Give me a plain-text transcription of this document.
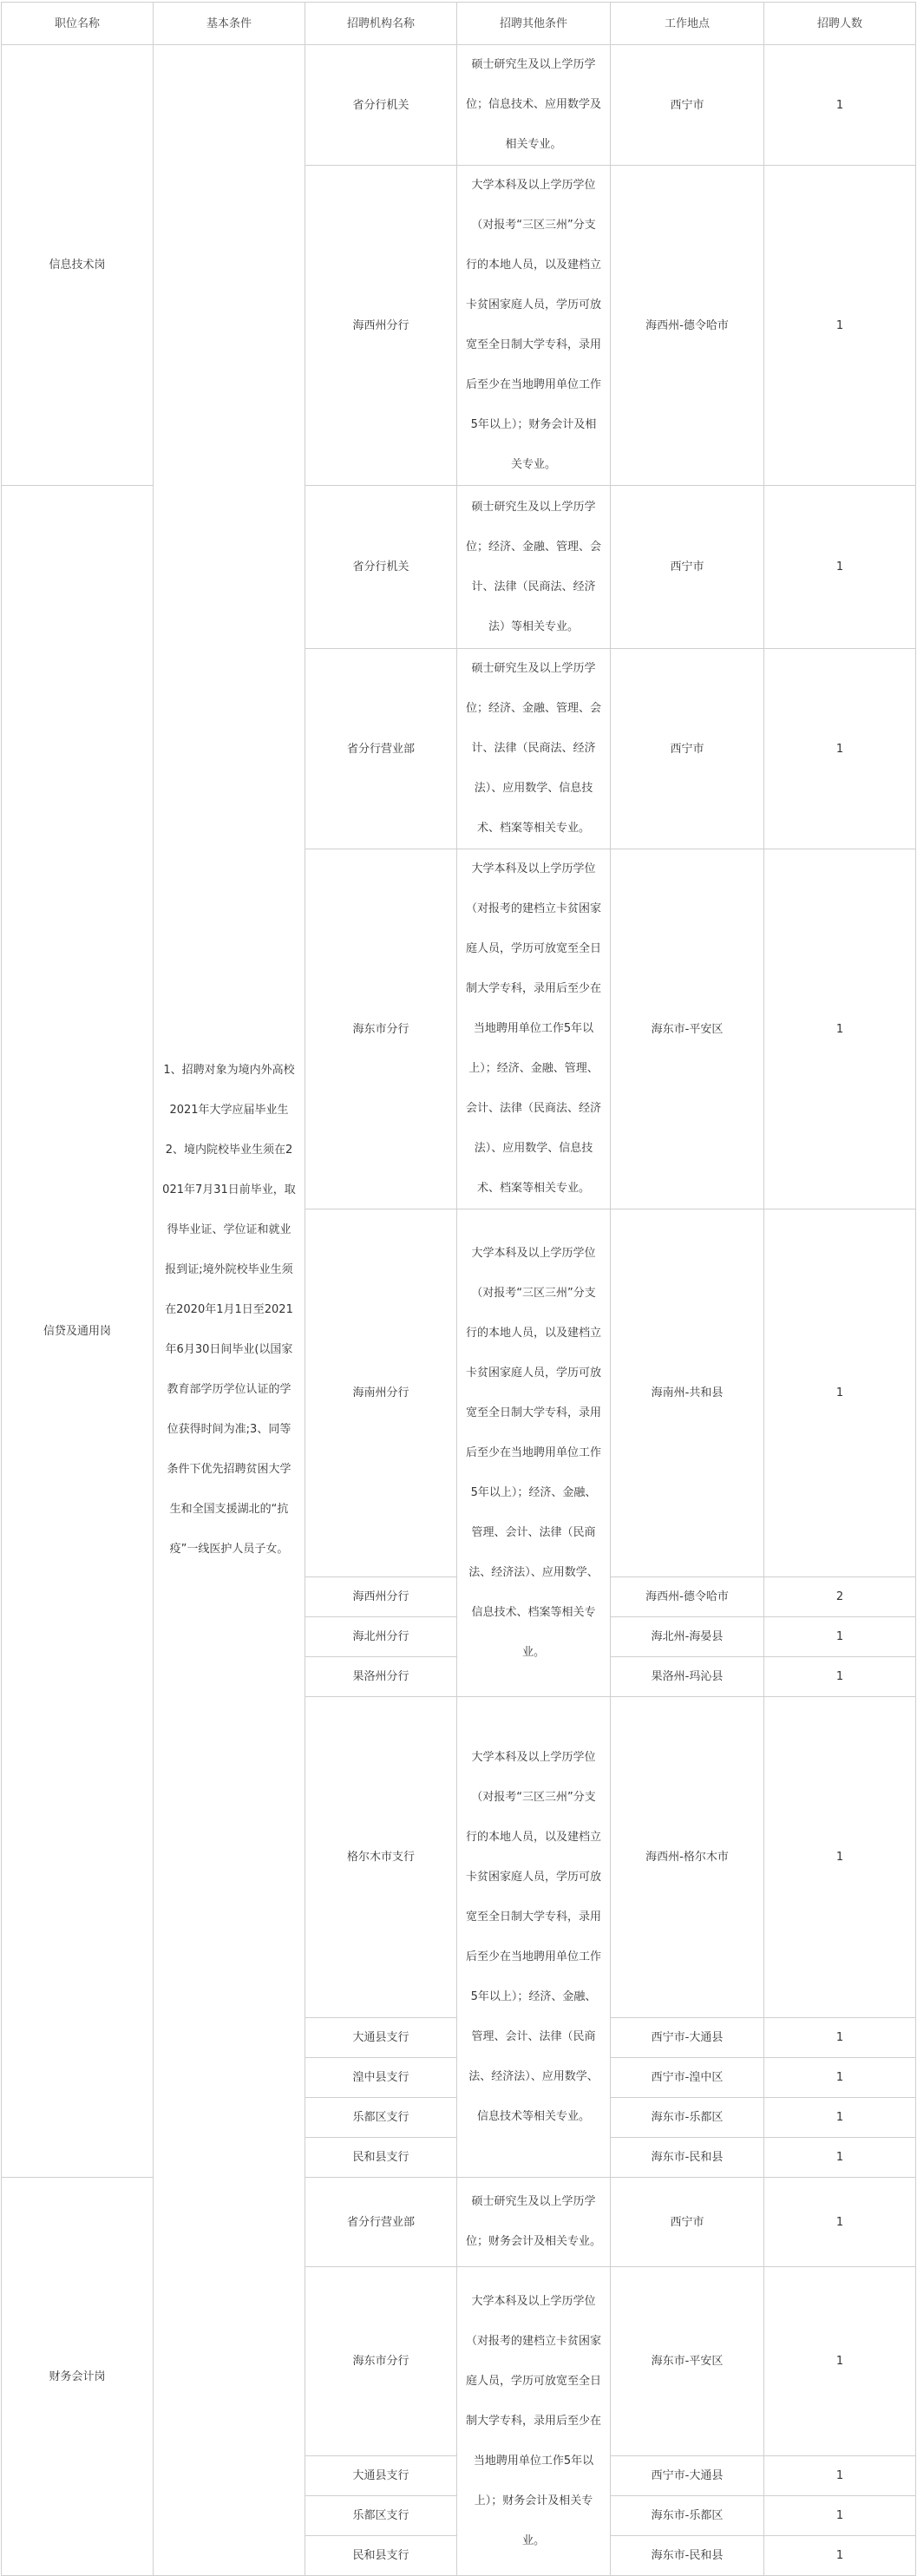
职位名称	基本条件	招聘机构名称	招聘其他条件	工作地点	招聘人数
信息技术岗	1、招聘对象为境内外高校2021年大学应届毕业生 2、境内院校毕业生须在2021年7月31日前毕业，取得毕业证、学位证和就业报到证;境外院校毕业生须在2020年1月1日至2021年6月30日间毕业(以国家教育部学历学位认证的学位获得时间为准;3、同等条件下优先招聘贫困大学生和全国支援湖北的“抗疫”一线医护人员子女。	省分行机关	硕士研究生及以上学历学位；信息技术、应用数学及相关专业。	西宁市	1
		海西州分行	大学本科及以上学历学位（对报考“三区三州”分支行的本地人员，以及建档立卡贫困家庭人员，学历可放宽至全日制大学专科，录用后至少在当地聘用单位工作5年以上）；财务会计及相关专业。	海西州-德令哈市	1
信贷及通用岗		省分行机关	硕士研究生及以上学历学位；经济、金融、管理、会计、法律（民商法、经济法）等相关专业。	西宁市	1
		省分行营业部	硕士研究生及以上学历学位；经济、金融、管理、会计、法律（民商法、经济法）、应用数学、信息技术、档案等相关专业。	西宁市	1
		海东市分行	大学本科及以上学历学位（对报考的建档立卡贫困家庭人员，学历可放宽至全日制大学专科，录用后至少在当地聘用单位工作5年以上）；经济、金融、管理、会计、法律（民商法、经济法）、应用数学、信息技术、档案等相关专业。	海东市-平安区	1
		海南州分行	大学本科及以上学历学位（对报考“三区三州”分支行的本地人员，以及建档立卡贫困家庭人员，学历可放宽至全日制大学专科，录用后至少在当地聘用单位工作5年以上）；经济、金融、管理、会计、法律（民商法、经济法）、应用数学、信息技术、档案等相关专业。	海南州-共和县	1
		海西州分行		海西州-德令哈市	2
		海北州分行		海北州-海晏县	1
		果洛州分行		果洛州-玛沁县	1
		格尔木市支行	大学本科及以上学历学位（对报考“三区三州”分支行的本地人员，以及建档立卡贫困家庭人员，学历可放宽至全日制大学专科，录用后至少在当地聘用单位工作5年以上）；经济、金融、管理、会计、法律（民商法、经济法）、应用数学、信息技术等相关专业。	海西州-格尔木市	1
		大通县支行		西宁市-大通县	1
		湟中县支行		西宁市-湟中区	1
		乐都区支行		海东市-乐都区	1
		民和县支行		海东市-民和县	1
财务会计岗		省分行营业部	硕士研究生及以上学历学位；财务会计及相关专业。	西宁市	1
		海东市分行	大学本科及以上学历学位（对报考的建档立卡贫困家庭人员，学历可放宽至全日制大学专科，录用后至少在当地聘用单位工作5年以上）；财务会计及相关专业。	海东市-平安区	1
		大通县支行		西宁市-大通县	1
		乐都区支行		海东市-乐都区	1
		民和县支行		海东市-民和县	1
